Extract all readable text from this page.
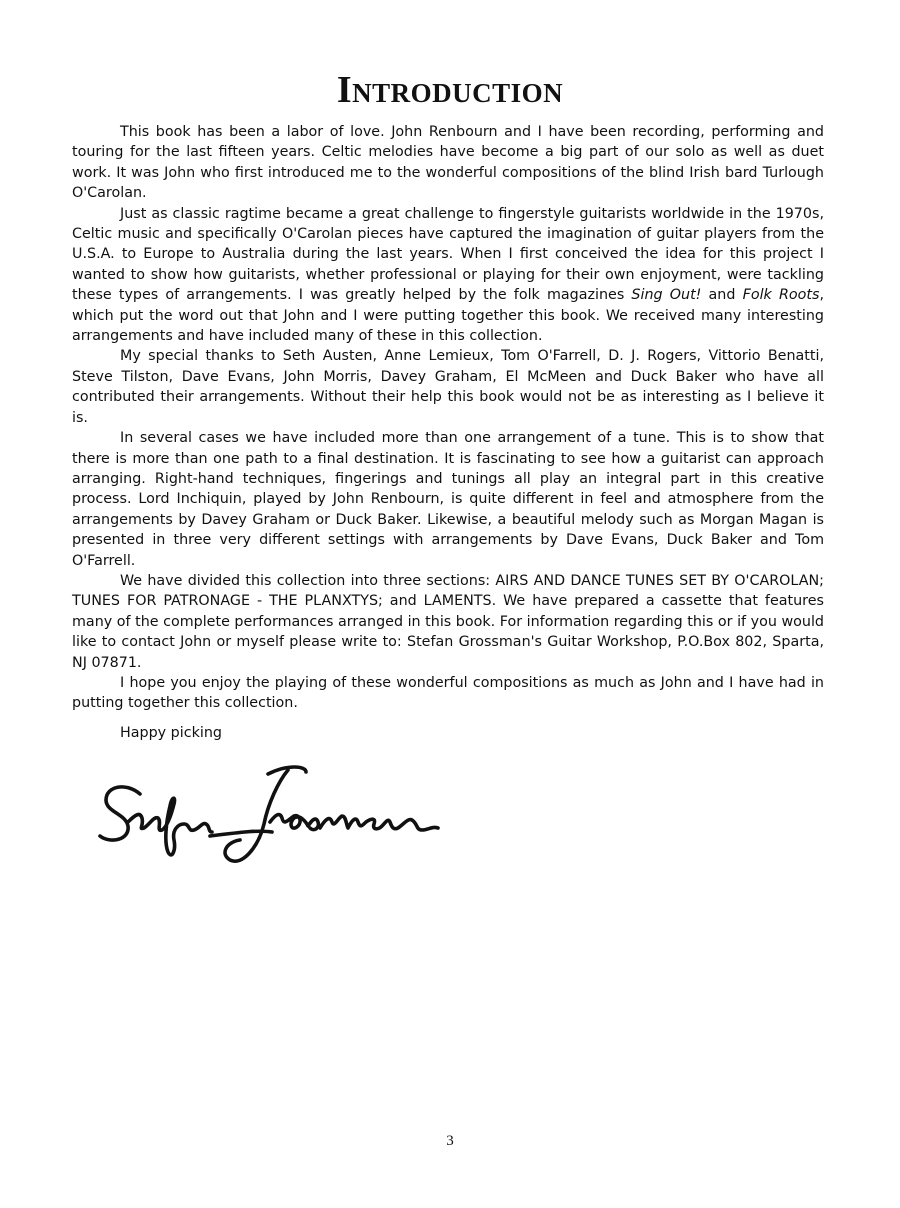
Introduction

This book has been a labor of love. John Renbourn and I have been recording, performing and touring for the last fifteen years. Celtic melodies have become a big part of our solo as well as duet work. It was John who first introduced me to the wonderful compositions of the blind Irish bard Turlough O'Carolan.

Just as classic ragtime became a great challenge to fingerstyle guitarists worldwide in the 1970s, Celtic music and specifically O'Carolan pieces have captured the imagination of guitar players from the U.S.A. to Europe to Australia during the last years. When I first conceived the idea for this project I wanted to show how guitarists, whether professional or playing for their own enjoyment, were tackling these types of arrangements. I was greatly helped by the folk magazines Sing Out! and Folk Roots, which put the word out that John and I were putting together this book. We received many interesting arrangements and have included many of these in this collection.

My special thanks to Seth Austen, Anne Lemieux, Tom O'Farrell, D. J. Rogers, Vittorio Benatti, Steve Tilston, Dave Evans, John Morris, Davey Graham, El McMeen and Duck Baker who have all contributed their arrangements. Without their help this book would not be as interesting as I believe it is.

In several cases we have included more than one arrangement of a tune. This is to show that there is more than one path to a final destination. It is fascinating to see how a guitarist can approach arranging. Right-hand techniques, fingerings and tunings all play an integral part in this creative process. Lord Inchiquin, played by John Renbourn, is quite different in feel and atmosphere from the arrangements by Davey Graham or Duck Baker. Likewise, a beautiful melody such as Morgan Magan is presented in three very different settings with arrangements by Dave Evans, Duck Baker and Tom O'Farrell.

We have divided this collection into three sections: AIRS AND DANCE TUNES SET BY O'CAROLAN; TUNES FOR PATRONAGE - THE PLANXTYS; and LAMENTS. We have prepared a cassette that features many of the complete performances arranged in this book. For information regarding this or if you would like to contact John or myself please write to: Stefan Grossman's Guitar Workshop, P.O.Box 802, Sparta, NJ 07871.

I hope you enjoy the playing of these wonderful compositions as much as John and I have had in putting together this collection.

Happy picking
3
